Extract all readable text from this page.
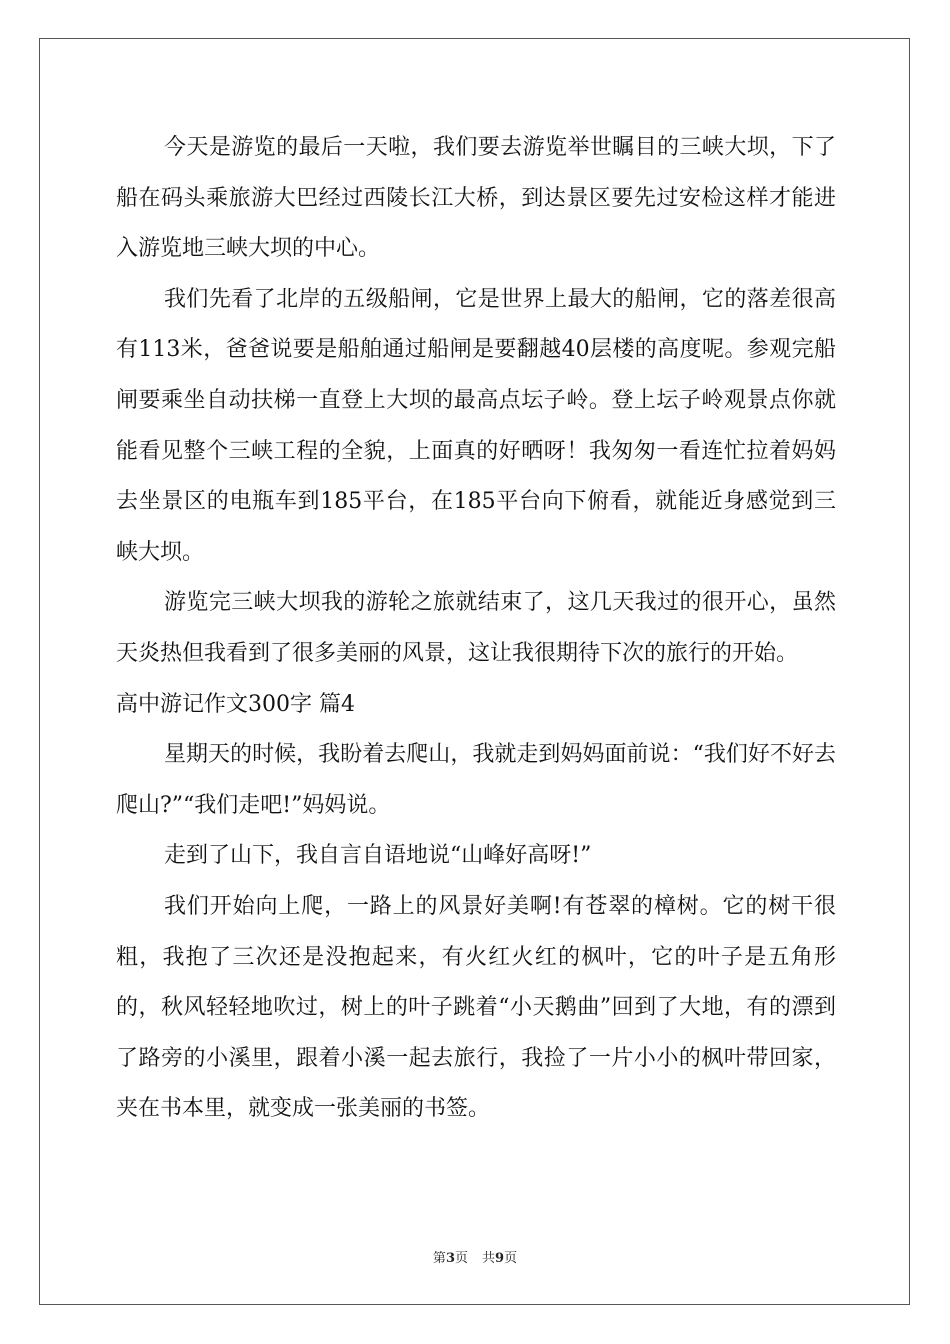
今天是游览的最后一天啦，我们要去游览举世瞩目的三峡大坝，下了船在码头乘旅游大巴经过西陵长江大桥，到达景区要先过安检这样才能进入游览地三峡大坝的中心。

我们先看了北岸的五级船闸，它是世界上最大的船闸，它的落差很高有113米，爸爸说要是船舶通过船闸是要翻越40层楼的高度呢。参观完船闸要乘坐自动扶梯一直登上大坝的最高点坛子岭。登上坛子岭观景点你就能看见整个三峡工程的全貌，上面真的好晒呀！我匆匆一看连忙拉着妈妈去坐景区的电瓶车到185平台，在185平台向下俯看，就能近身感觉到三峡大坝。

游览完三峡大坝我的游轮之旅就结束了，这几天我过的很开心，虽然天炎热但我看到了很多美丽的风景，这让我很期待下次的旅行的开始。

高中游记作文300字 篇4

星期天的时候，我盼着去爬山，我就走到妈妈面前说：“我们好不好去爬山?”“我们走吧!”妈妈说。

走到了山下，我自言自语地说“山峰好高呀!”

我们开始向上爬，一路上的风景好美啊!有苍翠的樟树。它的树干很粗，我抱了三次还是没抱起来，有火红火红的枫叶，它的叶子是五角形的，秋风轻轻地吹过，树上的叶子跳着“小天鹅曲”回到了大地，有的漂到了路旁的小溪里，跟着小溪一起去旅行，我捡了一片小小的枫叶带回家，夹在书本里，就变成一张美丽的书签。

第3页 共9页
